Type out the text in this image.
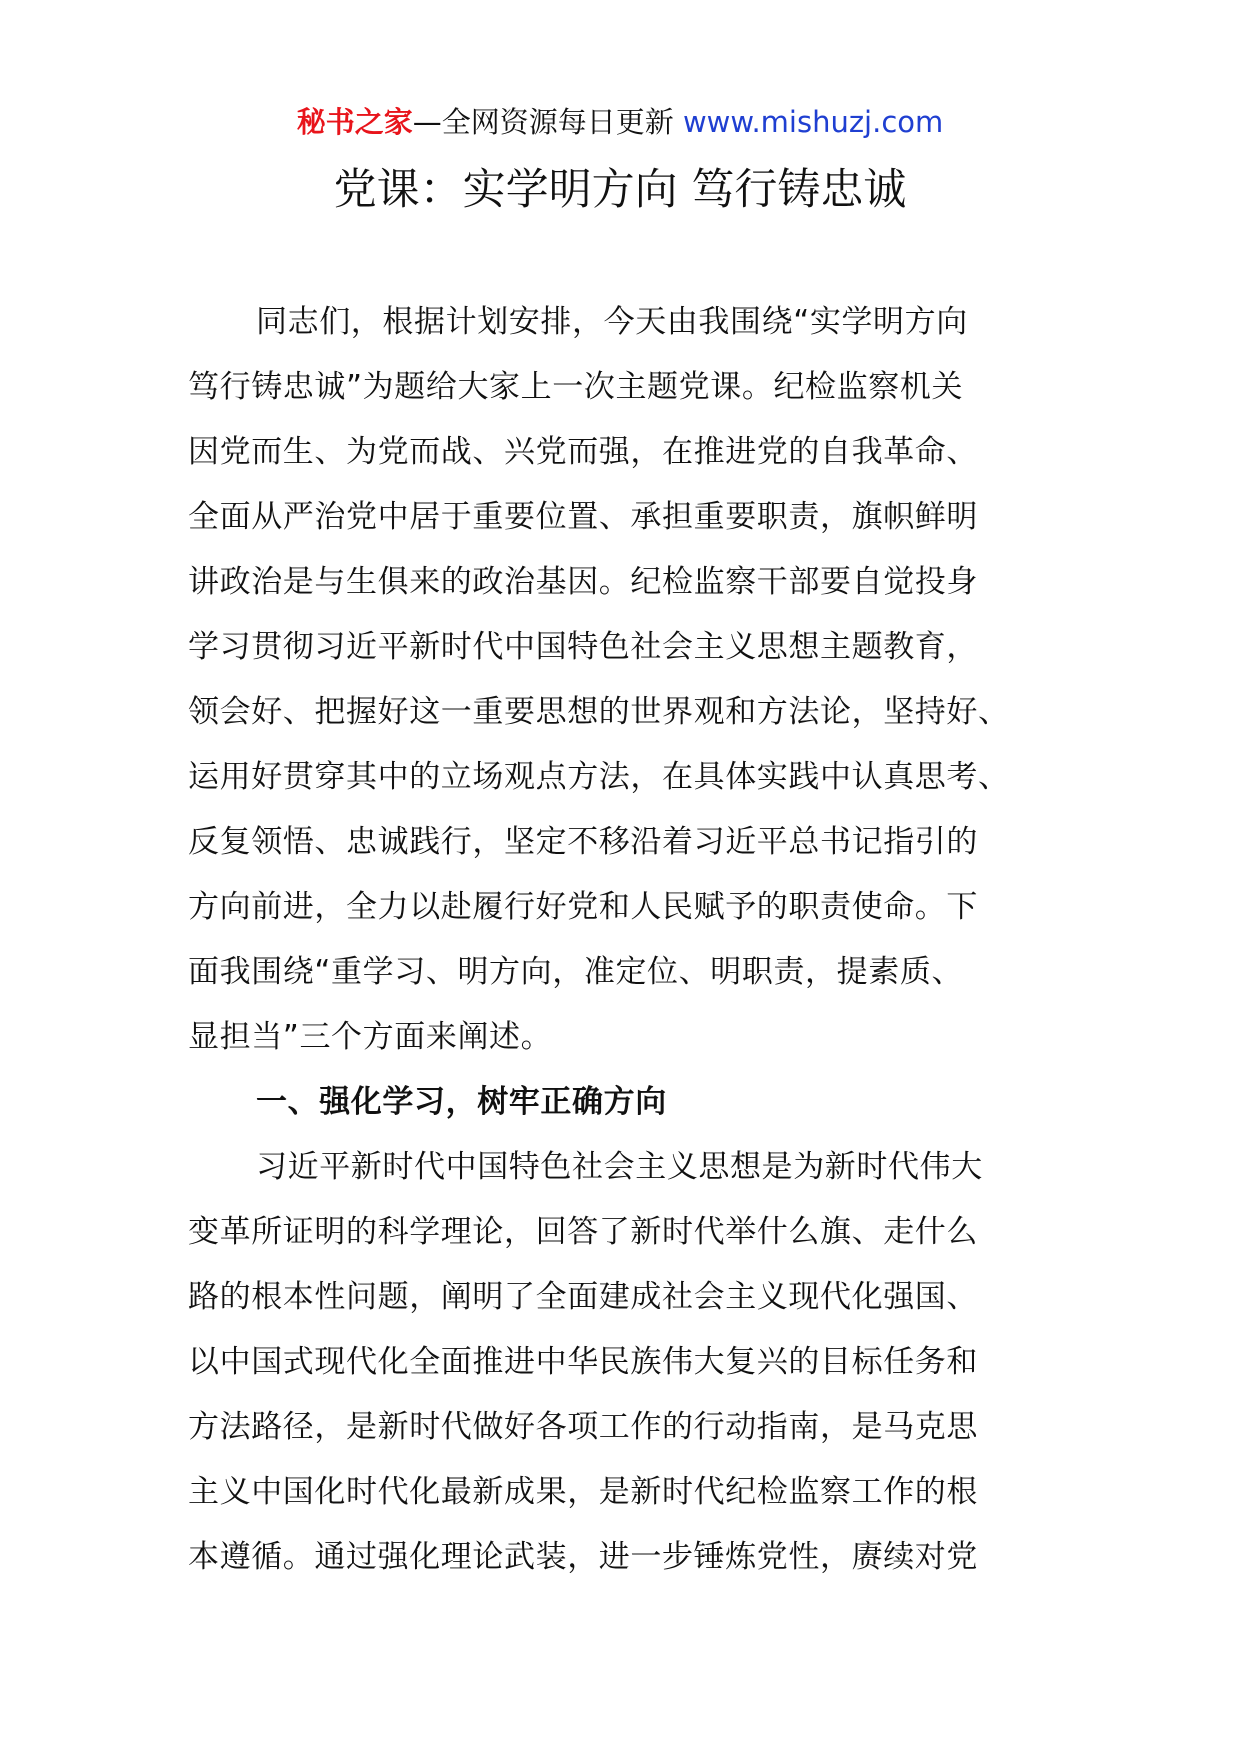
秘书之家—全网资源每日更新 www.mishuzj.com
党课：实学明方向 笃行铸忠诚
同志们，根据计划安排，今天由我围绕“实学明方向
笃行铸忠诚”为题给大家上一次主题党课。纪检监察机关
因党而生、为党而战、兴党而强，在推进党的自我革命、
全面从严治党中居于重要位置、承担重要职责，旗帜鲜明
讲政治是与生俱来的政治基因。纪检监察干部要自觉投身
学习贯彻习近平新时代中国特色社会主义思想主题教育，
领会好、把握好这一重要思想的世界观和方法论，坚持好、
运用好贯穿其中的立场观点方法，在具体实践中认真思考、
反复领悟、忠诚践行，坚定不移沿着习近平总书记指引的
方向前进，全力以赴履行好党和人民赋予的职责使命。下
面我围绕“重学习、明方向，准定位、明职责，提素质、
显担当”三个方面来阐述。
一、强化学习，树牢正确方向
习近平新时代中国特色社会主义思想是为新时代伟大
变革所证明的科学理论，回答了新时代举什么旗、走什么
路的根本性问题，阐明了全面建成社会主义现代化强国、
以中国式现代化全面推进中华民族伟大复兴的目标任务和
方法路径，是新时代做好各项工作的行动指南，是马克思
主义中国化时代化最新成果，是新时代纪检监察工作的根
本遵循。通过强化理论武装，进一步锤炼党性，赓续对党
